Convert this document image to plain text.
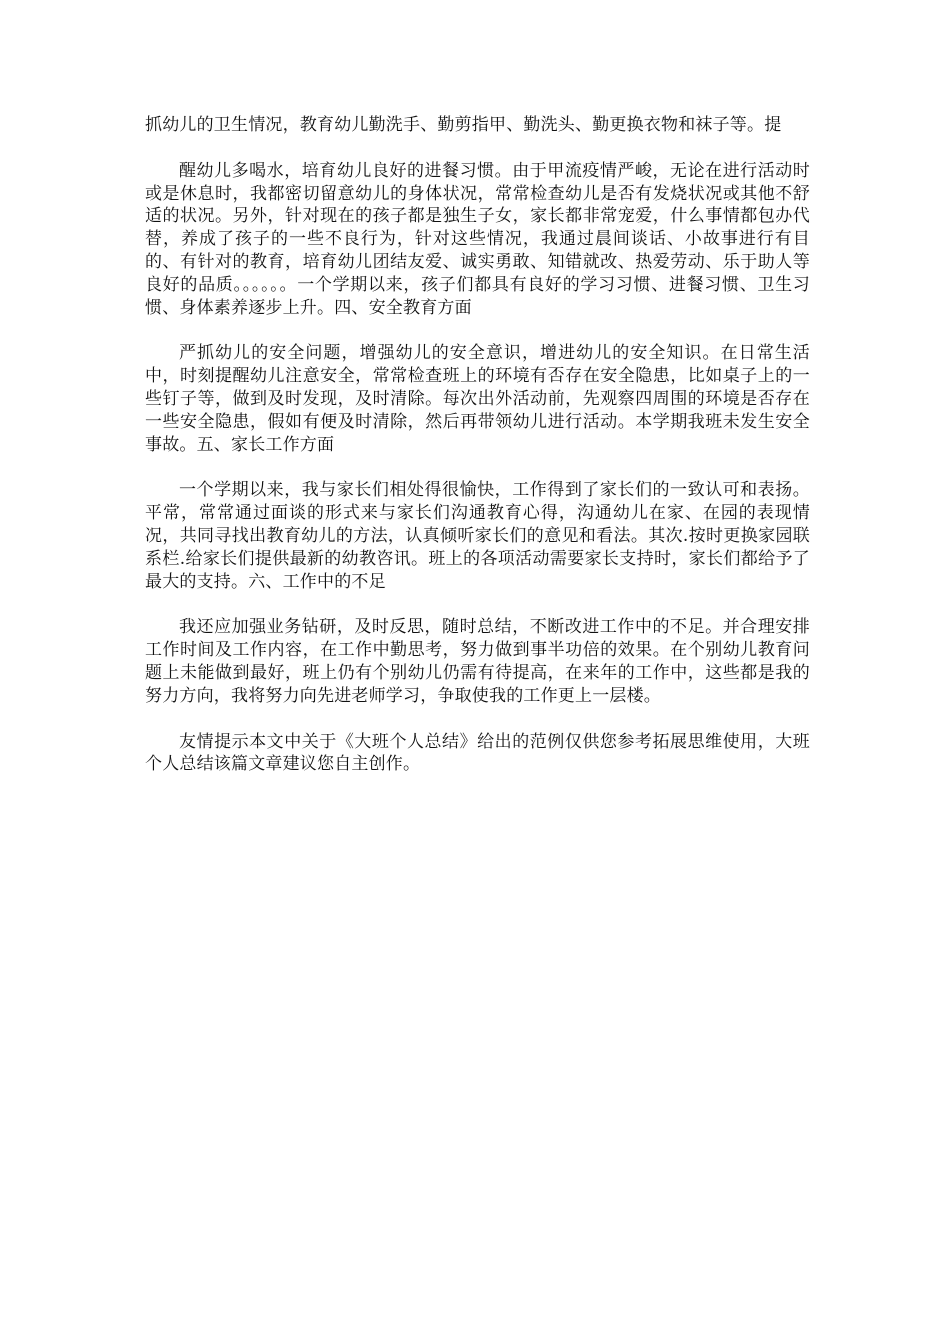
抓幼儿的卫生情况，教育幼儿勤洗手、勤剪指甲、勤洗头、勤更换衣物和袜子等。提

醒幼儿多喝水，培育幼儿良好的进餐习惯。由于甲流疫情严峻，无论在进行活动时或是休息时，我都密切留意幼儿的身体状况，常常检查幼儿是否有发烧状况或其他不舒适的状况。另外，针对现在的孩子都是独生子女，家长都非常宠爱，什么事情都包办代替，养成了孩子的一些不良行为，针对这些情况，我通过晨间谈话、小故事进行有目的、有针对的教育，培育幼儿团结友爱、诚实勇敢、知错就改、热爱劳动、乐于助人等良好的品质。。。。。。一个学期以来，孩子们都具有良好的学习习惯、进餐习惯、卫生习惯、身体素养逐步上升。四、安全教育方面

严抓幼儿的安全问题，增强幼儿的安全意识，增进幼儿的安全知识。在日常生活中，时刻提醒幼儿注意安全，常常检查班上的环境有否存在安全隐患，比如桌子上的一些钉子等，做到及时发现，及时清除。每次出外活动前，先观察四周围的环境是否存在一些安全隐患，假如有便及时清除，然后再带领幼儿进行活动。本学期我班未发生安全事故。五、家长工作方面

一个学期以来，我与家长们相处得很愉快，工作得到了家长们的一致认可和表扬。平常，常常通过面谈的形式来与家长们沟通教育心得，沟通幼儿在家、在园的表现情况，共同寻找出教育幼儿的方法，认真倾听家长们的意见和看法。其次.按时更换家园联系栏.给家长们提供最新的幼教咨讯。班上的各项活动需要家长支持时，家长们都给予了最大的支持。六、工作中的不足

我还应加强业务钻研，及时反思，随时总结，不断改进工作中的不足。并合理安排工作时间及工作内容，在工作中勤思考，努力做到事半功倍的效果。在个别幼儿教育问题上未能做到最好，班上仍有个别幼儿仍需有待提高，在来年的工作中，这些都是我的努力方向，我将努力向先进老师学习，争取使我的工作更上一层楼。

友情提示本文中关于《大班个人总结》给出的范例仅供您参考拓展思维使用，大班个人总结该篇文章建议您自主创作。
